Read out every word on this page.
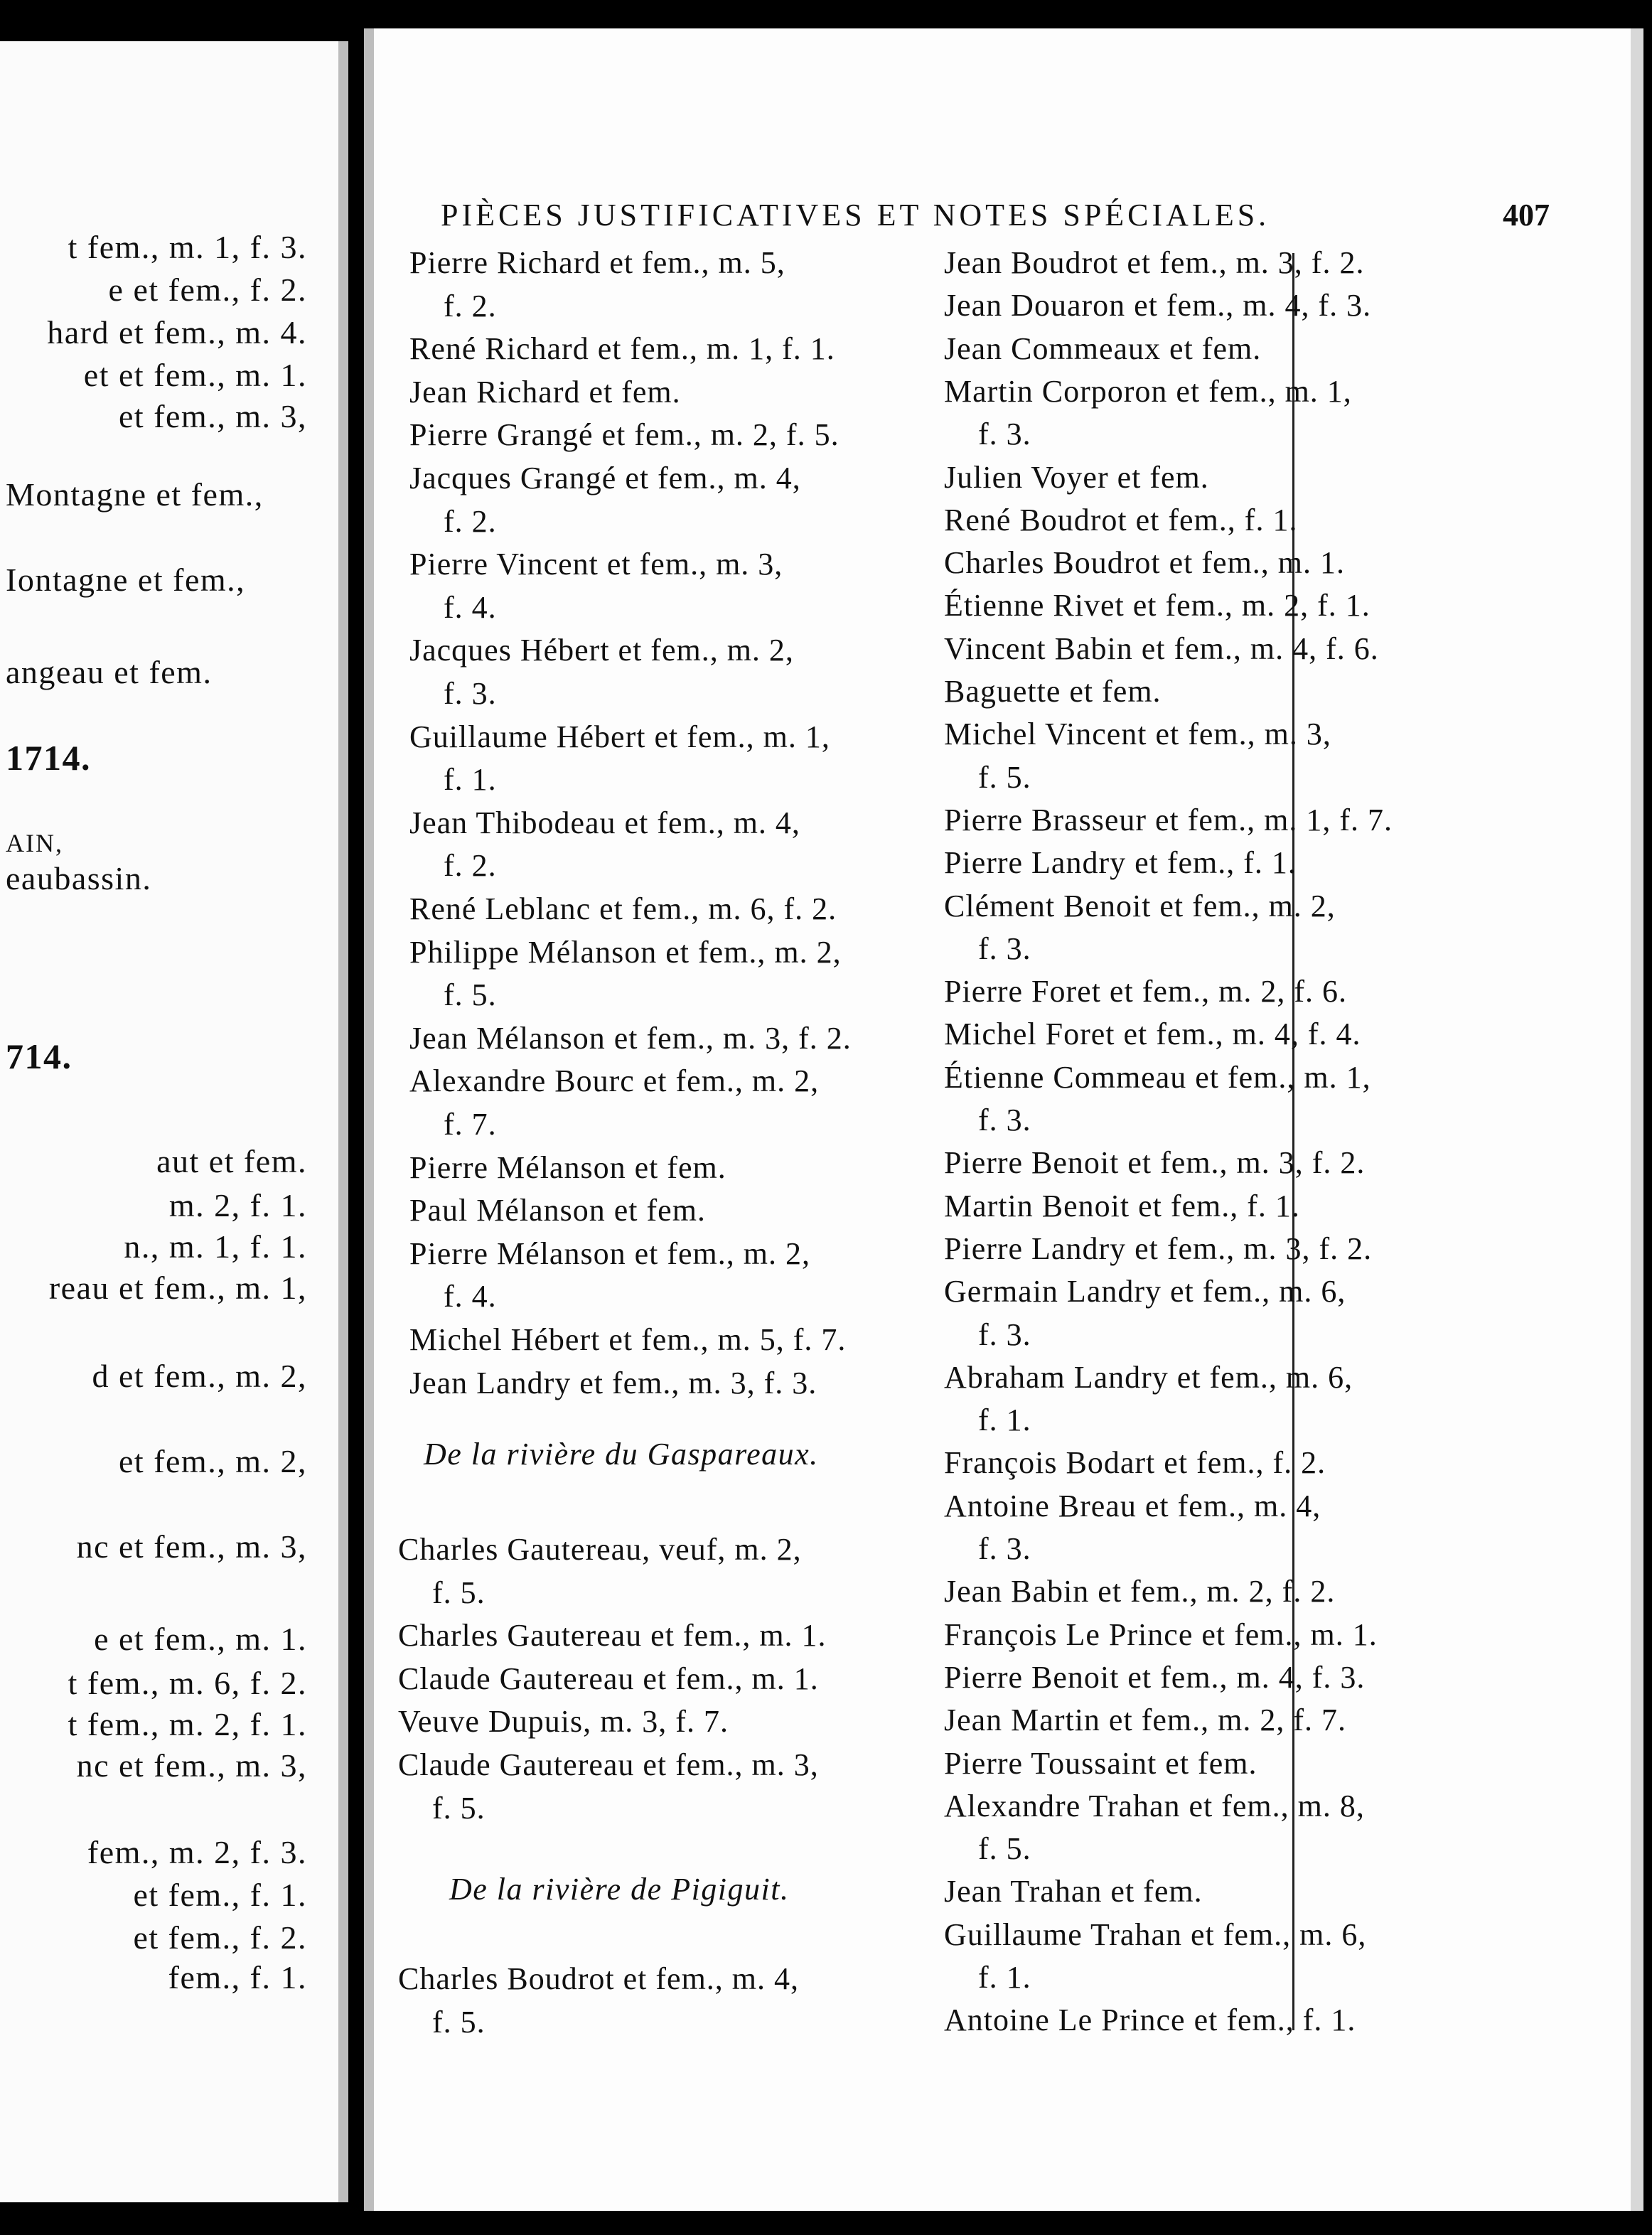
t fem., m. 1, f. 3.
e et fem., f. 2.
hard et fem., m. 4.
et et fem., m. 1.
et fem., m. 3,
Montagne et fem.,
Iontagne et fem.,
angeau et fem.
1714.
AIN,
eaubassin.
714.
aut et fem.
m. 2, f. 1.
n., m. 1, f. 1.
reau et fem., m. 1,
d et fem., m. 2,
et fem., m. 2,
nc et fem., m. 3,
e et fem., m. 1.
t fem., m. 6, f. 2.
t fem., m. 2, f. 1.
nc et fem., m. 3,
fem., m. 2, f. 3.
et fem., f. 1.
et fem., f. 2.
fem., f. 1.
PIÈCES JUSTIFICATIVES ET NOTES SPÉCIALES.	407
Pierre Richard et fem., m. 5,
f. 2.
René Richard et fem., m. 1, f. 1.
Jean Richard et fem.
Pierre Grangé et fem., m. 2, f. 5.
Jacques Grangé et fem., m. 4,
f. 2.
Pierre Vincent et fem., m. 3,
f. 4.
Jacques Hébert et fem., m. 2,
f. 3.
Guillaume Hébert et fem., m. 1,
f. 1.
Jean Thibodeau et fem., m. 4,
f. 2.
René Leblanc et fem., m. 6, f. 2.
Philippe Mélanson et fem., m. 2,
f. 5.
Jean Mélanson et fem., m. 3, f. 2.
Alexandre Bourc et fem., m. 2,
f. 7.
Pierre Mélanson et fem.
Paul Mélanson et fem.
Pierre Mélanson et fem., m. 2,
f. 4.
Michel Hébert et fem., m. 5, f. 7.
Jean Landry et fem., m. 3, f. 3.
De la rivière du Gaspareaux.
Charles Gautereau, veuf, m. 2,
f. 5.
Charles Gautereau et fem., m. 1.
Claude Gautereau et fem., m. 1.
Veuve Dupuis, m. 3, f. 7.
Claude Gautereau et fem., m. 3,
f. 5.
De la rivière de Pigiguit.
Charles Boudrot et fem., m. 4,
f. 5.
Jean Boudrot et fem., m. 3, f. 2.
Jean Douaron et fem., m. 4, f. 3.
Jean Commeaux et fem.
Martin Corporon et fem., m. 1,
f. 3.
Julien Voyer et fem.
René Boudrot et fem., f. 1.
Charles Boudrot et fem., m. 1.
Étienne Rivet et fem., m. 2, f. 1.
Vincent Babin et fem., m. 4, f. 6.
Baguette et fem.
Michel Vincent et fem., m. 3,
f. 5.
Pierre Brasseur et fem., m. 1, f. 7.
Pierre Landry et fem., f. 1.
Clément Benoit et fem., m. 2,
f. 3.
Pierre Foret et fem., m. 2, f. 6.
Michel Foret et fem., m. 4, f. 4.
Étienne Commeau et fem., m. 1,
f. 3.
Pierre Benoit et fem., m. 3, f. 2.
Martin Benoit et fem., f. 1.
Pierre Landry et fem., m. 3, f. 2.
Germain Landry et fem., m. 6,
f. 3.
Abraham Landry et fem., m. 6,
f. 1.
François Bodart et fem., f. 2.
Antoine Breau et fem., m. 4,
f. 3.
Jean Babin et fem., m. 2, f. 2.
François Le Prince et fem., m. 1.
Pierre Benoit et fem., m. 4, f. 3.
Jean Martin et fem., m. 2, f. 7.
Pierre Toussaint et fem.
Alexandre Trahan et fem., m. 8,
f. 5.
Jean Trahan et fem.
Guillaume Trahan et fem., m. 6,
f. 1.
Antoine Le Prince et fem., f. 1.
